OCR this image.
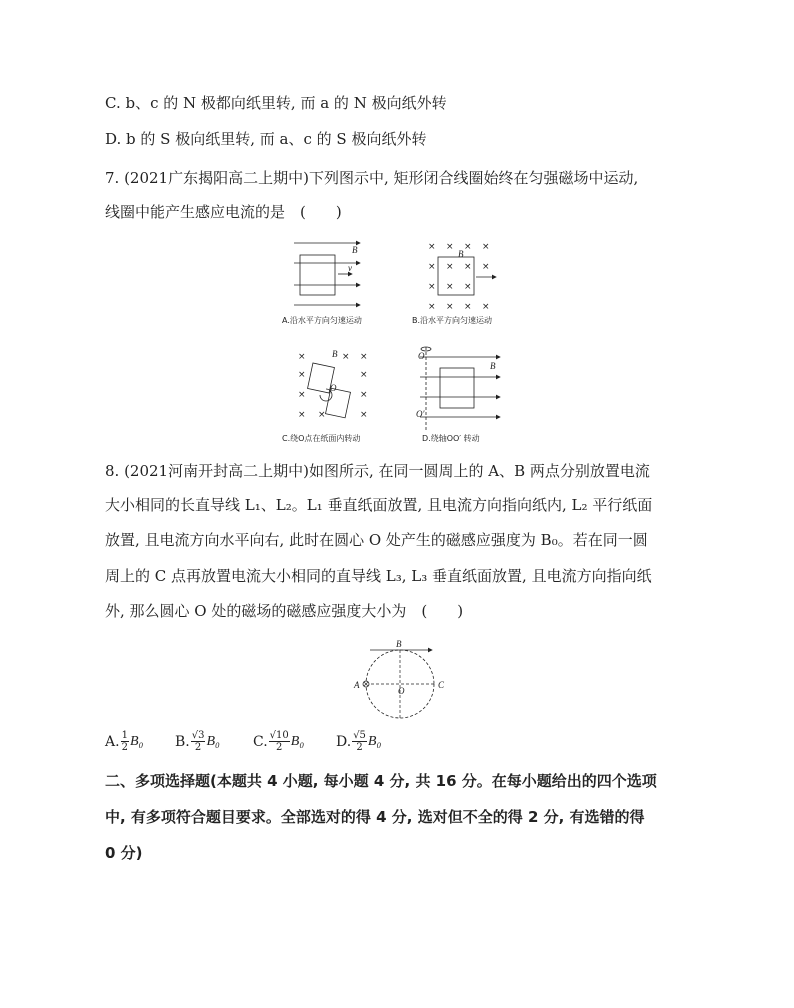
C. b、c 的 N 极都向纸里转, 而 a 的 N 极向纸外转
D. b 的 S 极向纸里转, 而 a、c 的 S 极向纸外转
7. (2021广东揭阳高二上期中)下列图示中, 矩形闭合线圈始终在匀强磁场中运动,
线圈中能产生感应电流的是　(　　)
B
v
A.沿水平方向匀速运动
× × × ×
× × × ×
× × ×
× × × ×
B
B.沿水平方向匀速运动
×	× ×
×	×
×	×
× ×	×
B
O
C.绕O点在纸面内转动
O
B
O′
D.绕轴OO′ 转动
8. (2021河南开封高二上期中)如图所示, 在同一圆周上的 A、B 两点分别放置电流
大小相同的长直导线 L₁、L₂。L₁ 垂直纸面放置, 且电流方向指向纸内, L₂ 平行纸面
放置, 且电流方向水平向右, 此时在圆心 O 处产生的磁感应强度为 B₀。若在同一圆
周上的 C 点再放置电流大小相同的直导线 L₃, L₃ 垂直纸面放置, 且电流方向指向纸
外, 那么圆心 O 处的磁场的磁感应强度大小为　(　　)
B
A	C
O
A. $\frac{1}{2} B_0$ B. $\frac{√3}{2} B_0$ C. $\frac{√10}{2} B_0$ D. $\frac{√5}{2} B_0$
二、多项选择题(本题共 4 小题, 每小题 4 分, 共 16 分。在每小题给出的四个选项
中, 有多项符合题目要求。全部选对的得 4 分, 选对但不全的得 2 分, 有选错的得
0 分)
